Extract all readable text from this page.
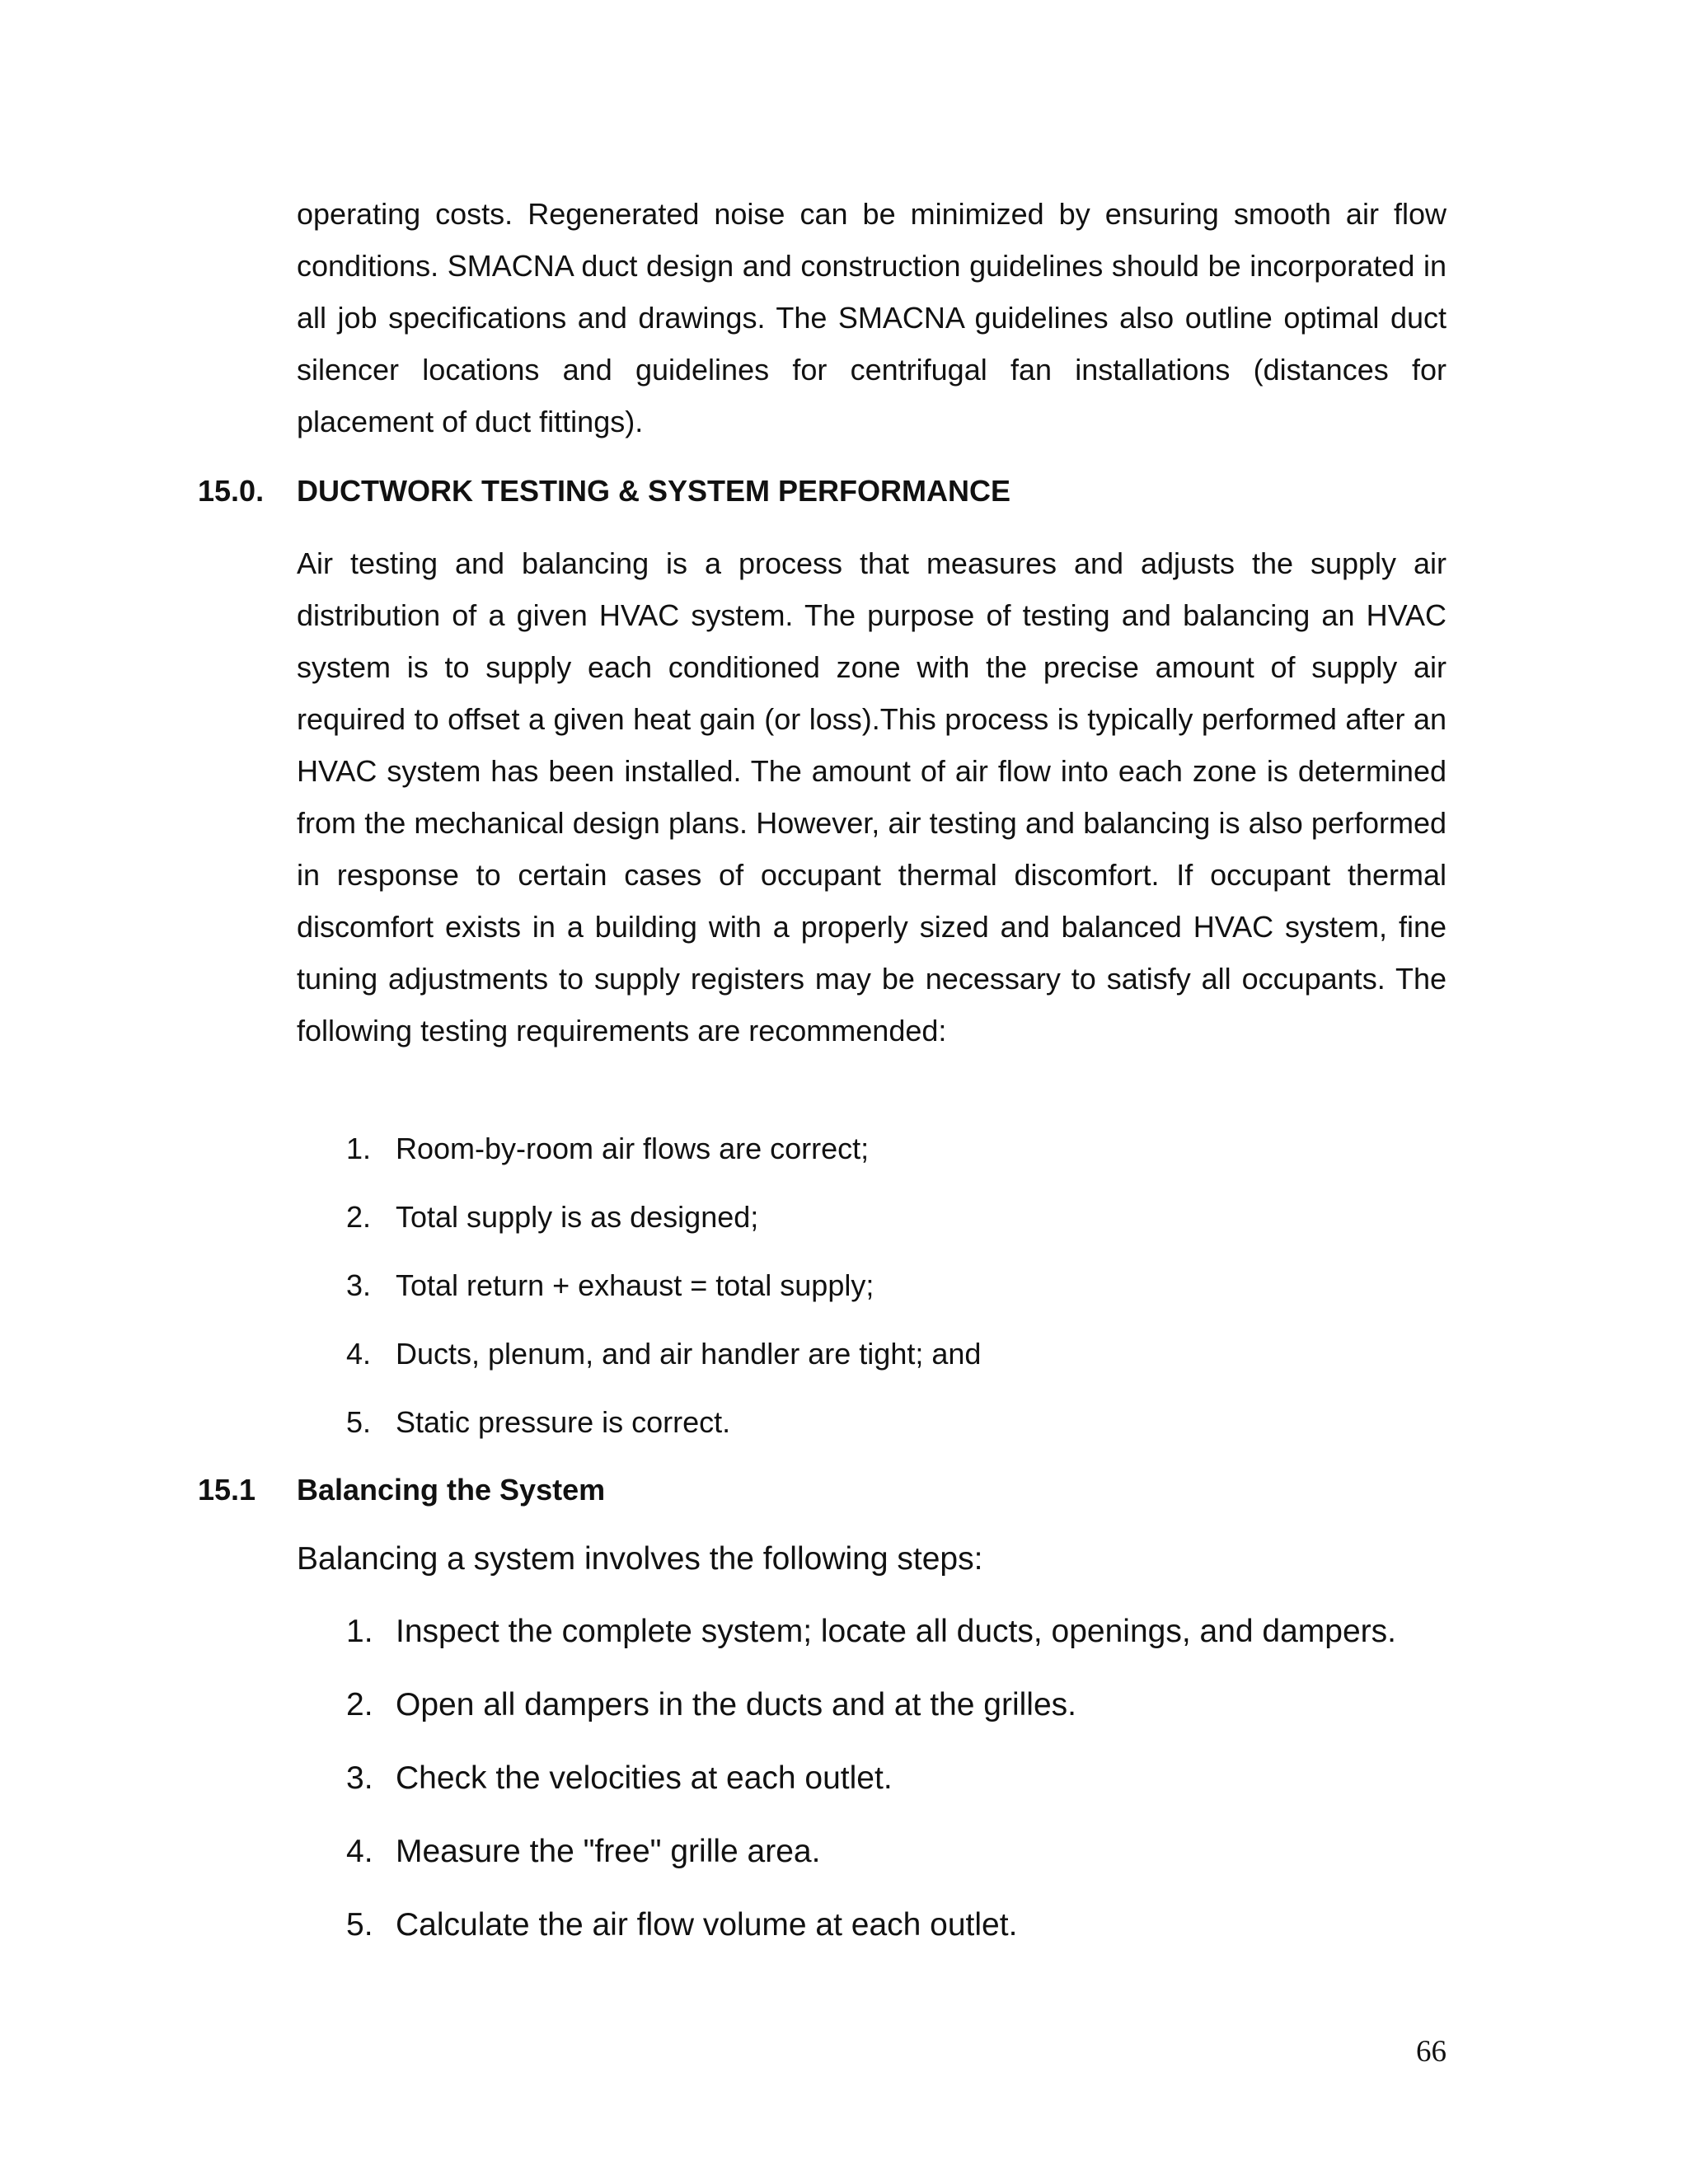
operating costs. Regenerated noise can be minimized by ensuring smooth air flow conditions. SMACNA duct design and construction guidelines should be incorporated in all job specifications and drawings. The SMACNA guidelines also outline optimal duct silencer locations and guidelines for centrifugal fan installations (distances for placement of duct fittings).

15.0. DUCTWORK TESTING & SYSTEM PERFORMANCE

Air testing and balancing is a process that measures and adjusts the supply air distribution of a given HVAC system. The purpose of testing and balancing an HVAC system is to supply each conditioned zone with the precise amount of supply air required to offset a given heat gain (or loss).This process is typically performed after an HVAC system has been installed. The amount of air flow into each zone is determined from the mechanical design plans. However, air testing and balancing is also performed in response to certain cases of occupant thermal discomfort. If occupant thermal discomfort exists in a building with a properly sized and balanced HVAC system, fine tuning adjustments to supply registers may be necessary to satisfy all occupants. The following testing requirements are recommended:

1. Room-by-room air flows are correct;
2. Total supply is as designed;
3. Total return + exhaust = total supply;
4. Ducts, plenum, and air handler are tight; and
5. Static pressure is correct.
15.1 Balancing the System

Balancing a system involves the following steps:

1. Inspect the complete system; locate all ducts, openings, and dampers.
2. Open all dampers in the ducts and at the grilles.
3. Check the velocities at each outlet.
4. Measure the "free" grille area.
5. Calculate the air flow volume at each outlet.
66
